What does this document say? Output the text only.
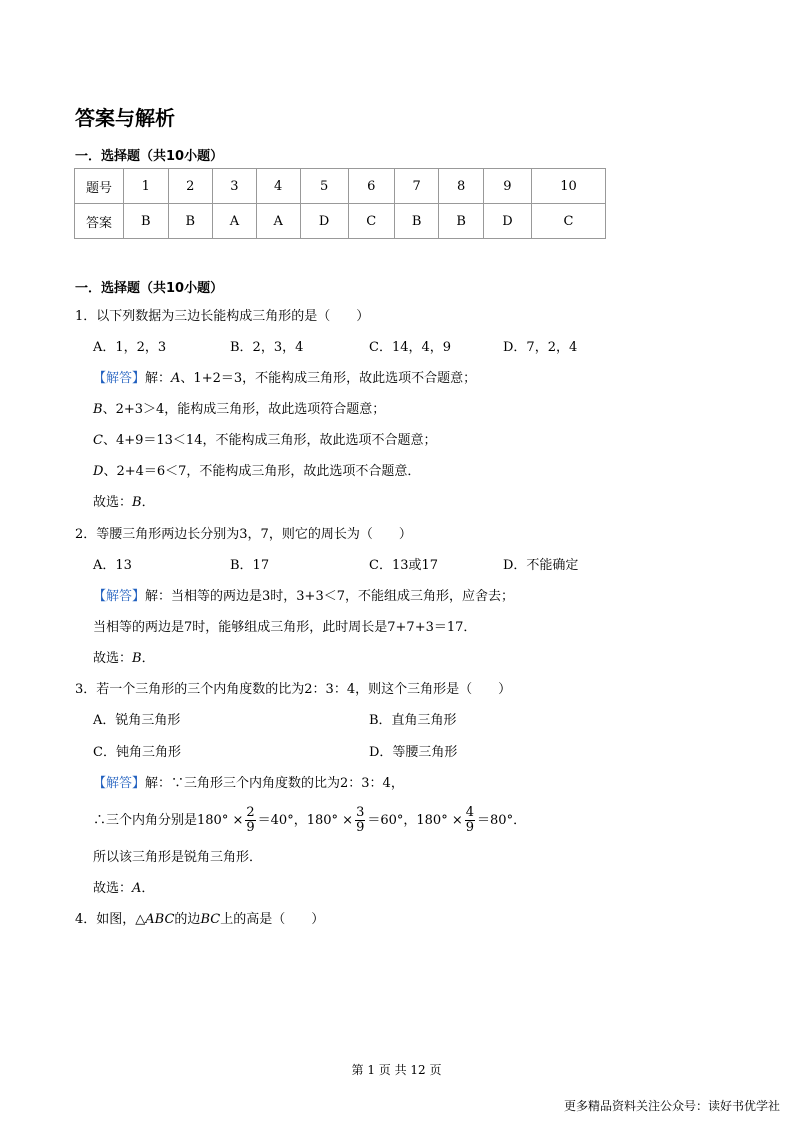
答案与解析
一．选择题（共10小题）
题号	1	2	3	4	5	6	7	8	9	10
答案	B	B	A	A	D	C	B	B	D	C
一．选择题（共10小题）
1．以下列数据为三边长能构成三角形的是（　　）
A．1，2，3	B．2，3，4	C．14，4，9	D．7，2，4
【解答】解：A、1+2＝3，不能构成三角形，故此选项不合题意；
B、2+3＞4，能构成三角形，故此选项符合题意；
C、4+9＝13＜14，不能构成三角形，故此选项不合题意；
D、2+4＝6＜7，不能构成三角形，故此选项不合题意．
故选：B．
2．等腰三角形两边长分别为3，7，则它的周长为（　　）
A．13	B．17	C．13或17	D．不能确定
【解答】解：当相等的两边是3时，3+3＜7，不能组成三角形，应舍去；
当相等的两边是7时，能够组成三角形，此时周长是7+7+3＝17．
故选：B．
3．若一个三角形的三个内角度数的比为2：3：4，则这个三角形是（　　）
A．锐角三角形	B．直角三角形
C．钝角三角形	D．等腰三角形
【解答】解：∵三角形三个内角度数的比为2：3：4，
∴三个内角分别是$180^\circ \times \frac{2}{9} =40^\circ$，$180^\circ \times \frac{3}{9} =60^\circ$，$180^\circ \times \frac{4}{9} =80^\circ$．
所以该三角形是锐角三角形．
故选：A．
4．如图，△ABC的边BC上的高是（　　）
第 1 页 共 12 页
更多精品资料关注公众号：读好书优学社
